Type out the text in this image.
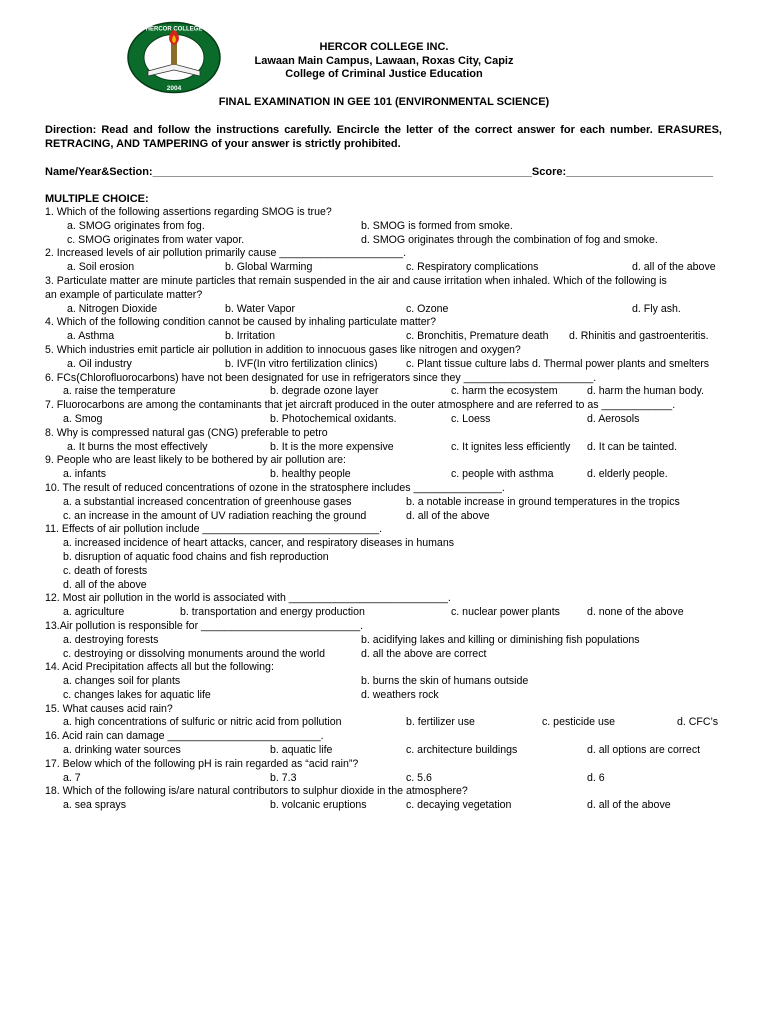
2004
HERCOR COLLEGE
HERCOR COLLEGE INC.
Lawaan Main Campus, Lawaan, Roxas City, Capiz
College of Criminal Justice Education
FINAL EXAMINATION IN GEE 101 (ENVIRONMENTAL SCIENCE)
Direction: Read and follow the instructions carefully. Encircle the letter of the correct answer for each number. ERASURES, RETRACING, AND TAMPERING of your answer is strictly prohibited.
Name/Year&Section:______________________________________________________________Score:________________________
MULTIPLE CHOICE:
1. Which of the following assertions regarding SMOG is true?
a. SMOG originates from fog.	b. SMOG is formed from smoke.
c. SMOG originates from water vapor.	d. SMOG originates through the combination of fog and smoke.
2. Increased levels of air pollution primarily cause _____________________.
a. Soil erosion	b. Global Warming	c. Respiratory complications	d. all of the above
3. Particulate matter are minute particles that remain suspended in the air and cause irritation when inhaled. Which of the following is
an example of particulate matter?
a. Nitrogen Dioxide	b. Water Vapor	c. Ozone	d. Fly ash.
4. Which of the following condition cannot be caused by inhaling particulate matter?
a. Asthma	b. Irritation	c. Bronchitis, Premature death d. Rhinitis and gastroenteritis.
5. Which industries emit particle air pollution in addition to innocuous gases like nitrogen and oxygen?
a. Oil industry	b. IVF(In vitro fertilization clinics)	c. Plant tissue culture labs d. Thermal power plants and smelters
6. FCs(Chlorofluorocarbons) have not been designated for use in refrigerators since they ______________________.
a. raise the temperature	b. degrade ozone layer	c. harm the ecosystem	d. harm the human body.
7. Fluorocarbons are among the contaminants that jet aircraft produced in the outer atmosphere and are referred to as ____________.
a. Smog	b. Photochemical oxidants.	c. Loess	d. Aerosols
8. Why is compressed natural gas (CNG) preferable to petro
a. It burns the most effectively	b. It is the more expensive	c. It ignites less efficiently d. It can be tainted.
9. People who are least likely to be bothered by air pollution are:
a. infants	b. healthy people	c. people with asthma	d. elderly people.
10. The result of reduced concentrations of ozone in the stratosphere includes _______________.
a. a substantial increased concentration of greenhouse gases	b. a notable increase in ground temperatures in the tropics
c. an increase in the amount of UV radiation reaching the ground	d. all of the above
11. Effects of air pollution include ______________________________.
a. increased incidence of heart attacks, cancer, and respiratory diseases in humans
b. disruption of aquatic food chains and fish reproduction
c. death of forests
d. all of the above
12. Most air pollution in the world is associated with ___________________________.
a. agriculture	b. transportation and energy production	c. nuclear power plants	d. none of the above
13.Air pollution is responsible for ___________________________.
a. destroying forests	b. acidifying lakes and killing or diminishing fish populations
c. destroying or dissolving monuments around the world	d. all the above are correct
14. Acid Precipitation affects all but the following:
a. changes soil for plants	b. burns the skin of humans outside
c. changes lakes for aquatic life	d. weathers rock
15. What causes acid rain?
a. high concentrations of sulfuric or nitric acid from pollution	b. fertilizer use	c. pesticide use	d. CFC’s
16. Acid rain can damage __________________________.
a. drinking water sources	b. aquatic life	c. architecture buildings	d. all options are correct
17. Below which of the following pH is rain regarded as “acid rain”?
a. 7	b. 7.3	c. 5.6	d. 6
18. Which of the following is/are natural contributors to sulphur dioxide in the atmosphere?
a. sea sprays	b. volcanic eruptions	c. decaying vegetation	d. all of the above
